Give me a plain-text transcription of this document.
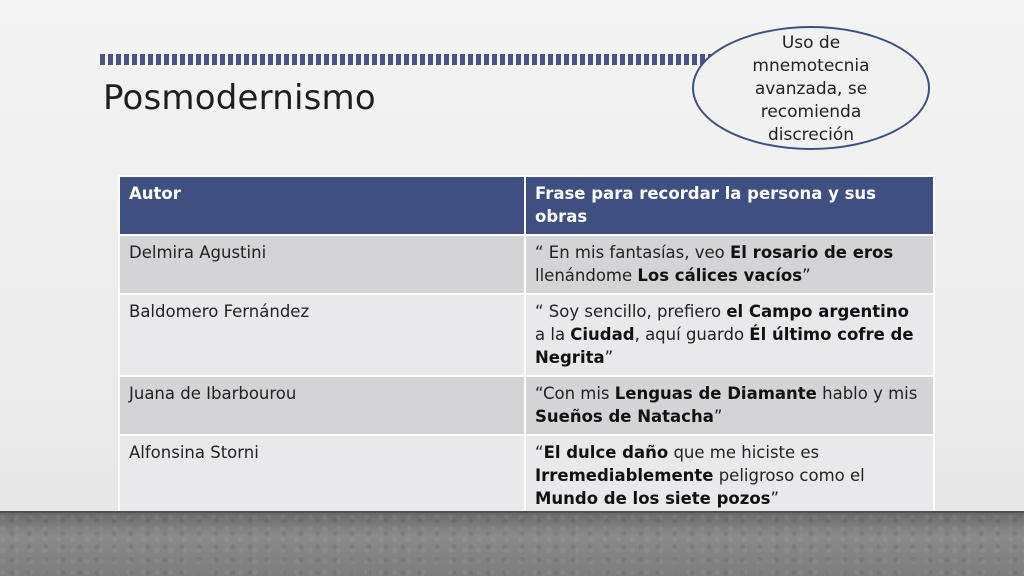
Posmodernismo
Uso de mnemotecnia avanzada, se recomienda discreción
Autor	Frase para recordar la persona y sus obras
Delmira Agustini	“ En mis fantasías, veo El rosario de eros llenándome Los cálices vacíos”
Baldomero Fernández	“ Soy sencillo, prefiero el Campo argentino a la Ciudad, aquí guardo Él último cofre de Negrita”
Juana de Ibarbourou	“Con mis Lenguas de Diamante hablo y mis Sueños de Natacha”
Alfonsina Storni	“El dulce daño que me hiciste es Irremediablemente peligroso como el Mundo de los siete pozos”
